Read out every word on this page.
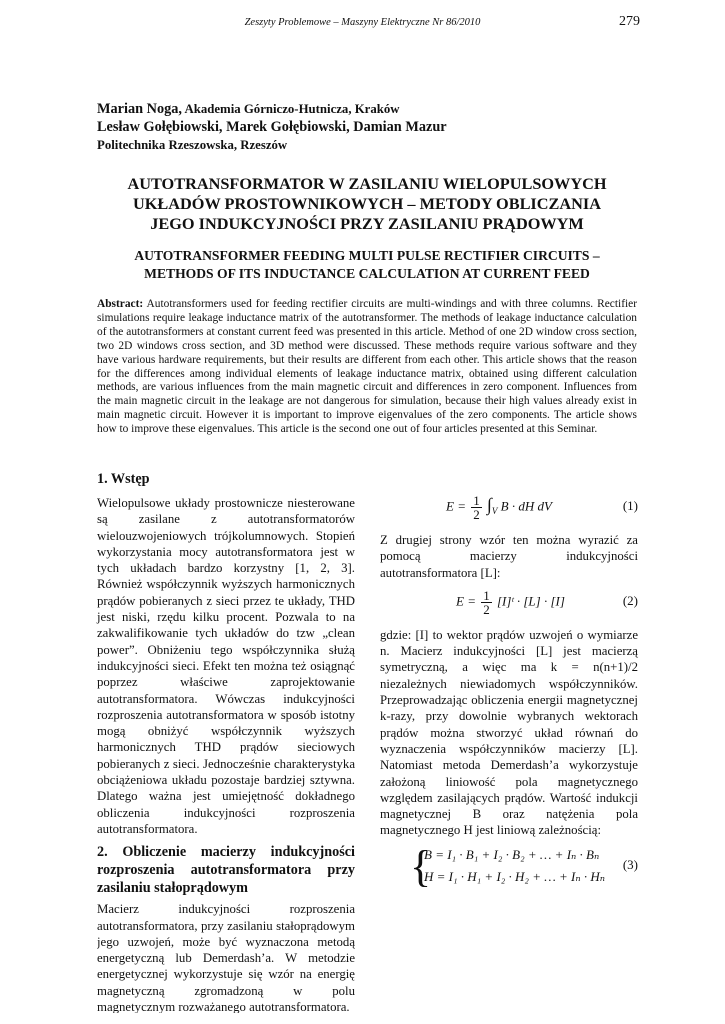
Zeszyty Problemowe – Maszyny Elektryczne Nr 86/2010	279
Marian Noga, Akademia Górniczo-Hutnicza, Kraków
Lesław Gołębiowski, Marek Gołębiowski, Damian Mazur
Politechnika Rzeszowska, Rzeszów
AUTOTRANSFORMATOR W ZASILANIU WIELOPULSOWYCH
UKŁADÓW PROSTOWNIKOWYCH – METODY OBLICZANIA
JEGO INDUKCYJNOŚCI PRZY ZASILANIU PRĄDOWYM
AUTOTRANSFORMER FEEDING MULTI PULSE RECTIFIER CIRCUITS –
METHODS OF ITS INDUCTANCE CALCULATION AT CURRENT FEED
Abstract: Autotransformers used for feeding rectifier circuits are multi-windings and with three columns. Rectifier simulations require leakage inductance matrix of the autotransformer. The methods of leakage inductance calculation of the autotransformers at constant current feed was presented in this article. Method of one 2D window cross section, two 2D windows cross section, and 3D method were discussed. These methods require various software and they have various hardware requirements, but their results are different from each other. This article shows that the reason for the differences among individual elements of leakage inductance matrix, obtained using different calculation methods, are various influences from the main magnetic circuit and differences in zero component. Influences from the main magnetic circuit in the leakage are not dangerous for simulation, because their high values already exist in main magnetic circuit. However it is important to improve eigenvalues of the zero components. The article shows how to improve these eigenvalues. This article is the second one out of four articles presented at this Seminar.
1. Wstęp

Wielopulsowe układy prostownicze niesterowane są zasilane z autotransformatorów wielouzwojeniowych trójkolumnowych. Stopień wykorzystania mocy autotransformatora jest w tych układach bardzo korzystny [1, 2, 3]. Również współczynnik wyższych harmonicznych prądów pobieranych z sieci przez te układy, THD jest niski, rzędu kilku procent. Pozwala to na zakwalifikowanie tych układów do tzw „clean power”. Obniżeniu tego współczynnika służą indukcyjności sieci. Efekt ten można też osiągnąć poprzez właściwe zaprojektowanie autotransformatora. Wówczas indukcyjności rozproszenia autotransformatora w sposób istotny mogą obniżyć współczynnik wyższych harmonicznych THD prądów sieciowych pobieranych z sieci. Jednocześnie charakterystyka obciążeniowa układu pozostaje bardziej sztywna. Dlatego ważna jest umiejętność dokładnego obliczenia indukcyjności rozproszenia autotransformatora.

2. Obliczenie macierzy indukcyjności rozproszenia autotransformatora przy zasilaniu stałoprądowym

Macierz indukcyjności rozproszenia autotransformatora, przy zasilaniu stałoprądowym jego uzwojeń, może być wyznaczona metodą energetyczną lub Demerdash’a. W metodzie energetycznej wykorzystuje się wzór na energię magnetyczną zgromadzoną w polu magnetycznym rozważanego autotransformatora.

$E = \frac{1}{2} \int_V$ B · dH dV	(1)

Z drugiej strony wzór ten można wyrazić za pomocą macierzy indukcyjności autotransformatora [L]:

$E = \frac{1}{2}$ [I]ᵗ · [L] · [I]	(2)

gdzie: [I] to wektor prądów uzwojeń o wymiarze n. Macierz indukcyjności [L] jest macierzą symetryczną, a więc ma k = n(n+1)/2 niezależnych niewiadomych współczynników. Przeprowadzając obliczenia energii magnetycznej k-razy, przy dowolnie wybranych wektorach prądów można stworzyć układ równań do wyznaczenia współczynników macierzy [L]. Natomiast metoda Demerdash’a wykorzystuje założoną liniowość pola magnetycznego względem zasilających prądów. Wartość indukcji magnetycznej B oraz natężenia pola magnetycznego H jest liniową zależnością:

{
B = I₁ · B₁ + I₂ · B₂ + … + Iₙ · Bₙ
H = I₁ · H₁ + I₂ · H₂ + … + Iₙ · Hₙ
(3)
